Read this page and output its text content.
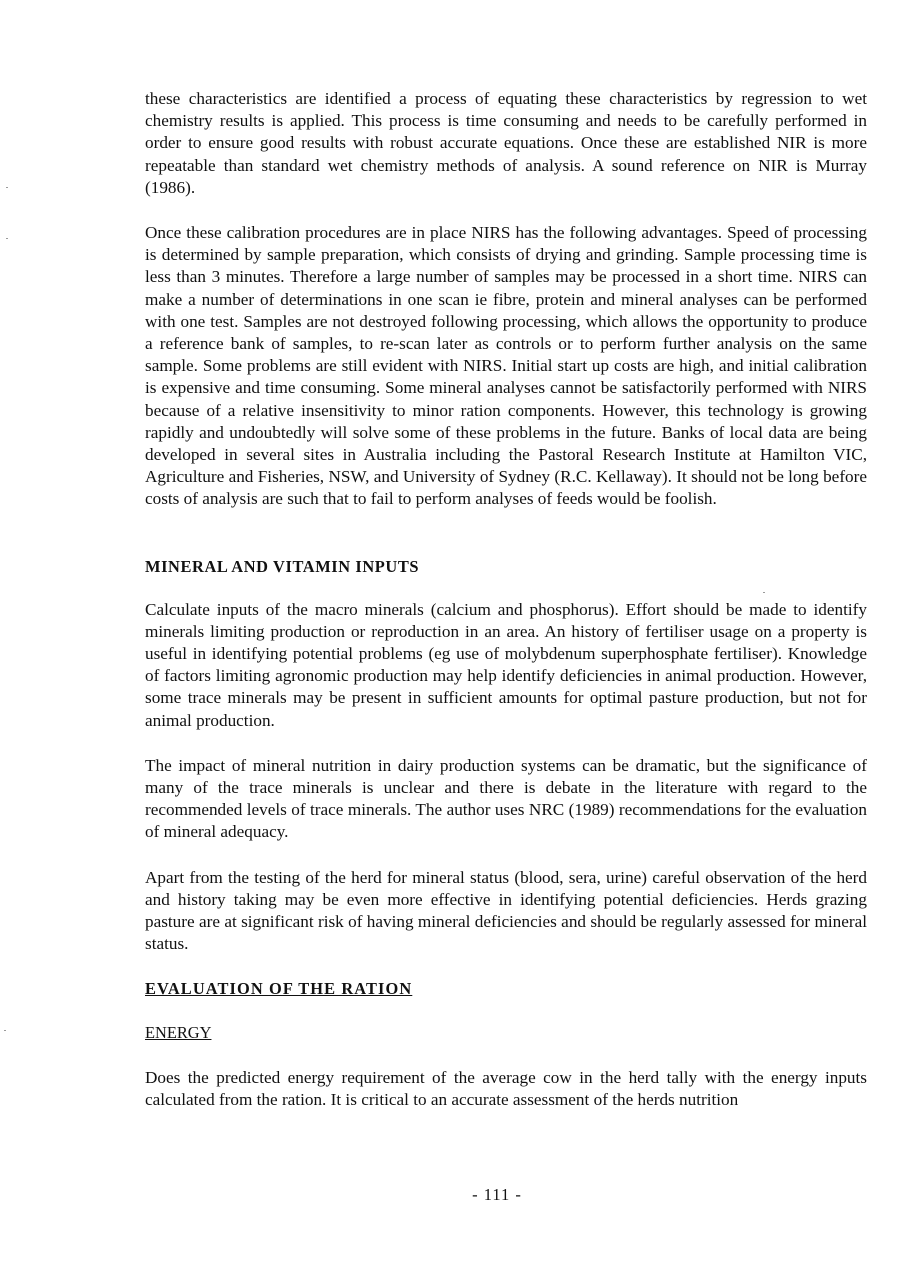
these characteristics are identified a process of equating these characteristics by regression to wet chemistry results is applied. This process is time consuming and needs to be carefully performed in order to ensure good results with robust accurate equations. Once these are established NIR is more repeatable than standard wet chemistry methods of analysis. A sound reference on NIR is Murray (1986).

Once these calibration procedures are in place NIRS has the following advantages. Speed of processing is determined by sample preparation, which consists of drying and grinding. Sample processing time is less than 3 minutes. Therefore a large number of samples may be processed in a short time. NIRS can make a number of determinations in one scan ie fibre, protein and mineral analyses can be performed with one test. Samples are not destroyed following processing, which allows the opportunity to produce a reference bank of samples, to re-scan later as controls or to perform further analysis on the same sample. Some problems are still evident with NIRS. Initial start up costs are high, and initial calibration is expensive and time consuming. Some mineral analyses cannot be satisfactorily performed with NIRS because of a relative insensitivity to minor ration components. However, this technology is growing rapidly and undoubtedly will solve some of these problems in the future. Banks of local data are being developed in several sites in Australia including the Pastoral Research Institute at Hamilton VIC, Agriculture and Fisheries, NSW, and University of Sydney (R.C. Kellaway). It should not be long before costs of analysis are such that to fail to perform analyses of feeds would be foolish.

MINERAL AND VITAMIN INPUTS

Calculate inputs of the macro minerals (calcium and phosphorus). Effort should be made to identify minerals limiting production or reproduction in an area. An history of fertiliser usage on a property is useful in identifying potential problems (eg use of molybdenum superphosphate fertiliser). Knowledge of factors limiting agronomic production may help identify deficiencies in animal production. However, some trace minerals may be present in sufficient amounts for optimal pasture production, but not for animal production.

The impact of mineral nutrition in dairy production systems can be dramatic, but the significance of many of the trace minerals is unclear and there is debate in the literature with regard to the recommended levels of trace minerals. The author uses NRC (1989) recommendations for the evaluation of mineral adequacy.

Apart from the testing of the herd for mineral status (blood, sera, urine) careful observation of the herd and history taking may be even more effective in identifying potential deficiencies. Herds grazing pasture are at significant risk of having mineral deficiencies and should be regularly assessed for mineral status.

EVALUATION OF THE RATION
ENERGY

Does the predicted energy requirement of the average cow in the herd tally with the energy inputs calculated from the ration. It is critical to an accurate assessment of the herds nutrition

- 111 -
